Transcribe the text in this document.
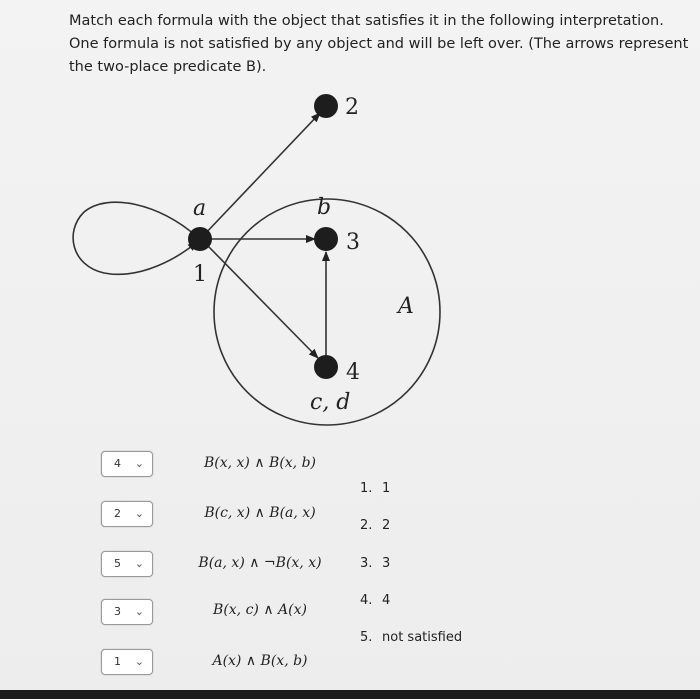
Match each formula with the object that satisfies it in the following interpretation.
One formula is not satisfied by any object and will be left over. (The arrows represent
the two-place predicate B).
1
2
3
4
a	b
c, d
A
4 ⌄	B(x, x) ∧ B(x, b)
2 ⌄	B(c, x) ∧ B(a, x)
5 ⌄	B(a, x) ∧ ¬B(x, x)
3 ⌄	B(x, c) ∧ A(x)
1 ⌄	A(x) ∧ B(x, b)
1. 1
2. 2
3. 3
4. 4
5. not satisfied
